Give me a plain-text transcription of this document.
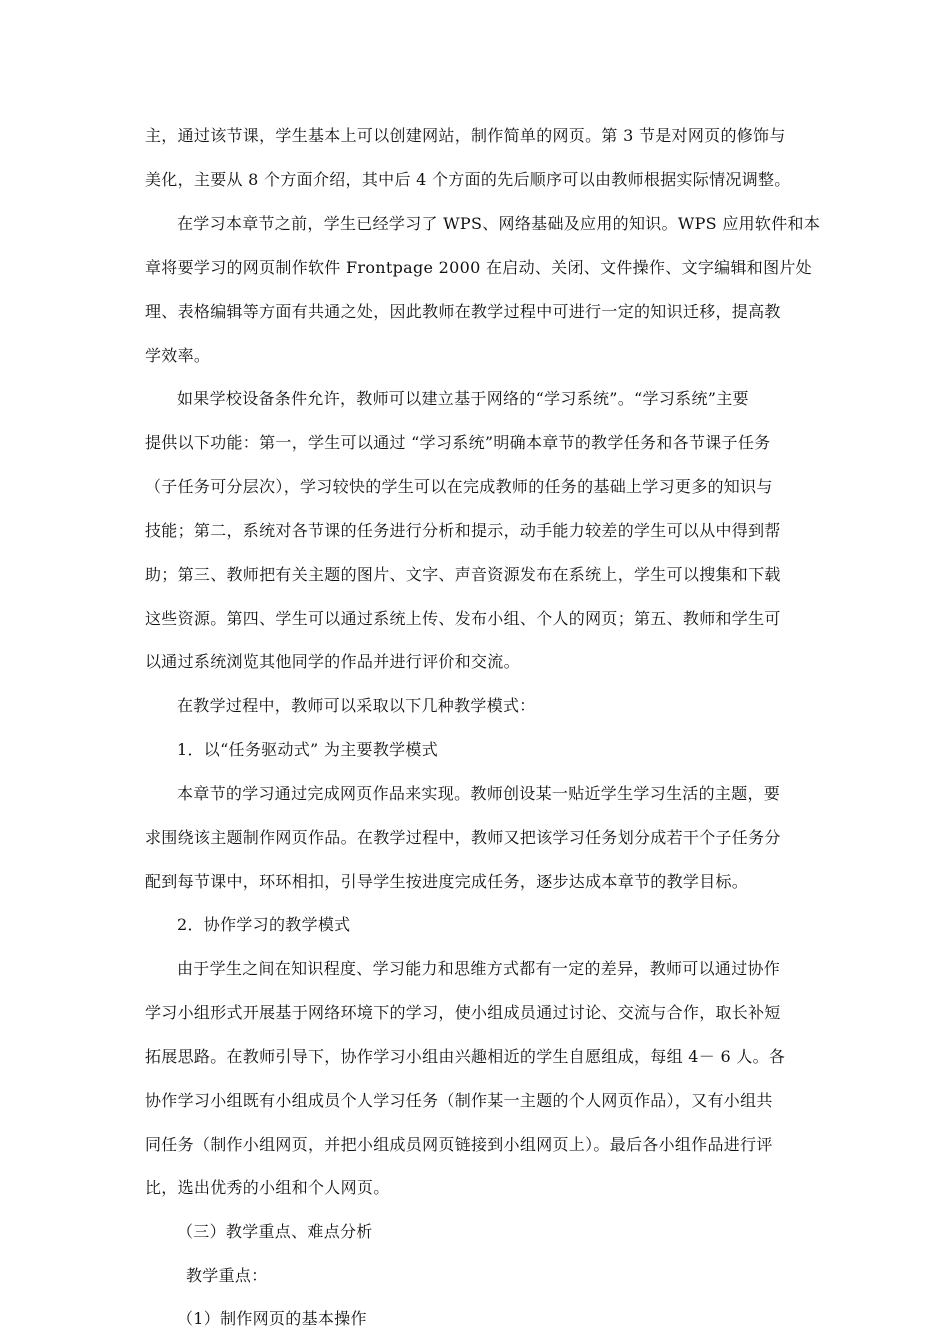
主，通过该节课，学生基本上可以创建网站，制作简单的网页。第 3 节是对网页的修饰与

美化，主要从 8 个方面介绍，其中后 4 个方面的先后顺序可以由教师根据实际情况调整。

在学习本章节之前，学生已经学习了 WPS、网络基础及应用的知识。WPS 应用软件和本

章将要学习的网页制作软件 Frontpage 2000 在启动、关闭、文件操作、文字编辑和图片处

理、表格编辑等方面有共通之处，因此教师在教学过程中可进行一定的知识迁移，提高教

学效率。

如果学校设备条件允许，教师可以建立基于网络的“学习系统”。“学习系统”主要

提供以下功能：第一，学生可以通过 “学习系统”明确本章节的教学任务和各节课子任务

（子任务可分层次），学习较快的学生可以在完成教师的任务的基础上学习更多的知识与

技能；第二，系统对各节课的任务进行分析和提示，动手能力较差的学生可以从中得到帮

助；第三、教师把有关主题的图片、文字、声音资源发布在系统上，学生可以搜集和下载

这些资源。第四、学生可以通过系统上传、发布小组、个人的网页；第五、教师和学生可

以通过系统浏览其他同学的作品并进行评价和交流。

在教学过程中，教师可以采取以下几种教学模式：

1．以“任务驱动式” 为主要教学模式

本章节的学习通过完成网页作品来实现。教师创设某一贴近学生学习生活的主题，要

求围绕该主题制作网页作品。在教学过程中，教师又把该学习任务划分成若干个子任务分

配到每节课中，环环相扣，引导学生按进度完成任务，逐步达成本章节的教学目标。

2．协作学习的教学模式

由于学生之间在知识程度、学习能力和思维方式都有一定的差异，教师可以通过协作

学习小组形式开展基于网络环境下的学习，使小组成员通过讨论、交流与合作，取长补短

拓展思路。在教师引导下，协作学习小组由兴趣相近的学生自愿组成，每组 4－ 6 人。各

协作学习小组既有小组成员个人学习任务（制作某一主题的个人网页作品），又有小组共

同任务（制作小组网页，并把小组成员网页链接到小组网页上）。最后各小组作品进行评

比，选出优秀的小组和个人网页。

（三）教学重点、难点分析

教学重点：

（1）制作网页的基本操作
